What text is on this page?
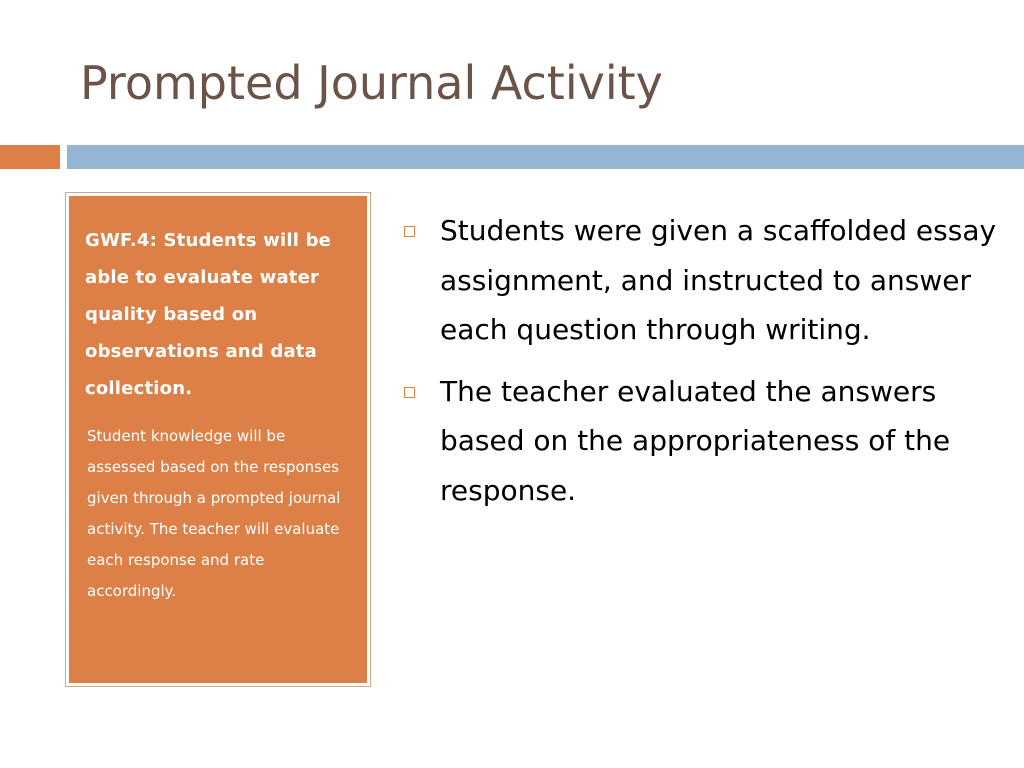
Prompted Journal Activity

GWF.4: Students will be able to evaluate water quality based on observations and data collection.

Student knowledge will be assessed based on the responses given through a prompted journal activity. The teacher will evaluate each response and rate accordingly.

Students were given a scaffolded essay assignment, and instructed to answer each question through writing.
The teacher evaluated the answers based on the appropriateness of the response.
